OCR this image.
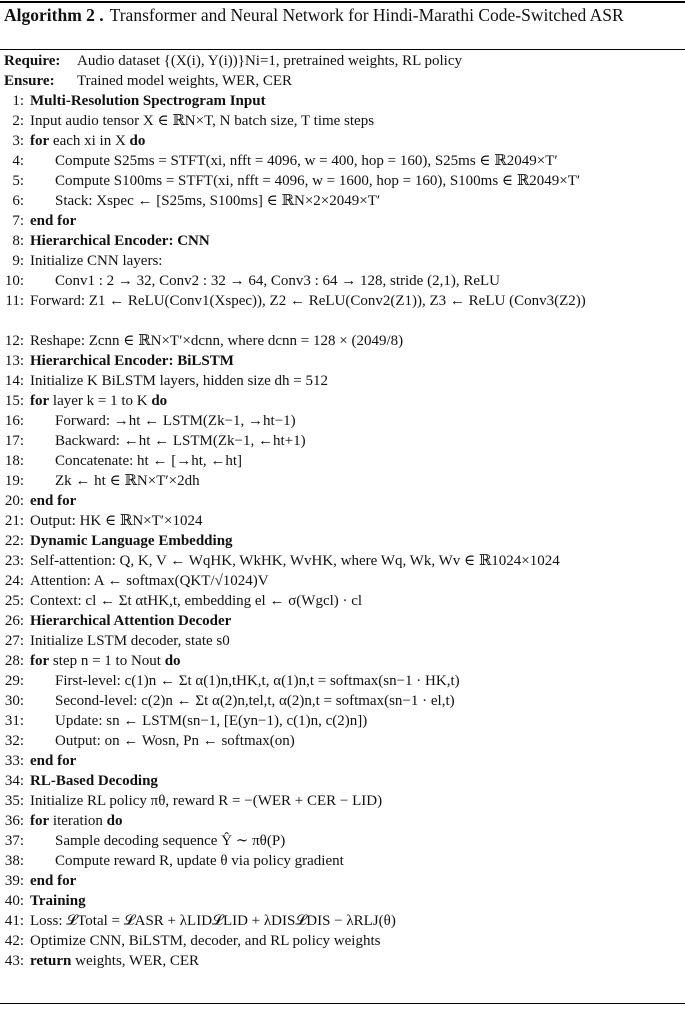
Algorithm 2 . Transformer and Neural Network for Hindi-Marathi Code-Switched ASR
Require: Audio dataset {(X(i), Y(i))}Ni=1, pretrained weights, RL policy
Ensure: Trained model weights, WER, CER
1: Multi-Resolution Spectrogram Input
2: Input audio tensor X ∈ ℝN×T, N batch size, T time steps
3: for each xi in X do
4: Compute S25ms = STFT(xi, nfft = 4096, w = 400, hop = 160), S25ms ∈ ℝ2049×T′
5: Compute S100ms = STFT(xi, nfft = 4096, w = 1600, hop = 160), S100ms ∈ ℝ2049×T′
6: Stack: Xspec ← [S25ms, S100ms] ∈ ℝN×2×2049×T′
7: end for
8: Hierarchical Encoder: CNN
9: Initialize CNN layers:
10: Conv1 : 2 → 32, Conv2 : 32 → 64, Conv3 : 64 → 128, stride (2,1), ReLU
11: Forward: Z1 ← ReLU(Conv1(Xspec)), Z2 ← ReLU(Conv2(Z1)), Z3 ← ReLU (Conv3(Z2))
12: Reshape: Zcnn ∈ ℝN×T′×dcnn, where dcnn = 128 × (2049/8)
13: Hierarchical Encoder: BiLSTM
14: Initialize K BiLSTM layers, hidden size dh = 512
15: for layer k = 1 to K do
16: Forward: →ht ← LSTM(Zk−1, →ht−1)
17: Backward: ←ht ← LSTM(Zk−1, ←ht+1)
18: Concatenate: ht ← [→ht, ←ht]
19: Zk ← ht ∈ ℝN×T′×2dh
20: end for
21: Output: HK ∈ ℝN×T′×1024
22: Dynamic Language Embedding
23: Self-attention: Q, K, V ← WqHK, WkHK, WvHK, where Wq, Wk, Wv ∈ ℝ1024×1024
24: Attention: A ← softmax(QKT/√1024)V
25: Context: cl ← Σt αtHK,t, embedding el ← σ(Wgcl) · cl
26: Hierarchical Attention Decoder
27: Initialize LSTM decoder, state s0
28: for step n = 1 to Nout do
29: First-level: c(1)n ← Σt α(1)n,tHK,t, α(1)n,t = softmax(sn−1 · HK,t)
30: Second-level: c(2)n ← Σt α(2)n,tel,t, α(2)n,t = softmax(sn−1 · el,t)
31: Update: sn ← LSTM(sn−1, [E(yn−1), c(1)n, c(2)n])
32: Output: on ← Wosn, Pn ← softmax(on)
33: end for
34: RL-Based Decoding
35: Initialize RL policy πθ, reward R = −(WER + CER − LID)
36: for iteration do
37: Sample decoding sequence Ŷ ∼ πθ(P)
38: Compute reward R, update θ via policy gradient
39: end for
40: Training
41: Loss: 𝓛Total = 𝓛ASR + λLID𝓛LID + λDIS𝓛DIS − λRLJ(θ)
42: Optimize CNN, BiLSTM, decoder, and RL policy weights
43: return weights, WER, CER
